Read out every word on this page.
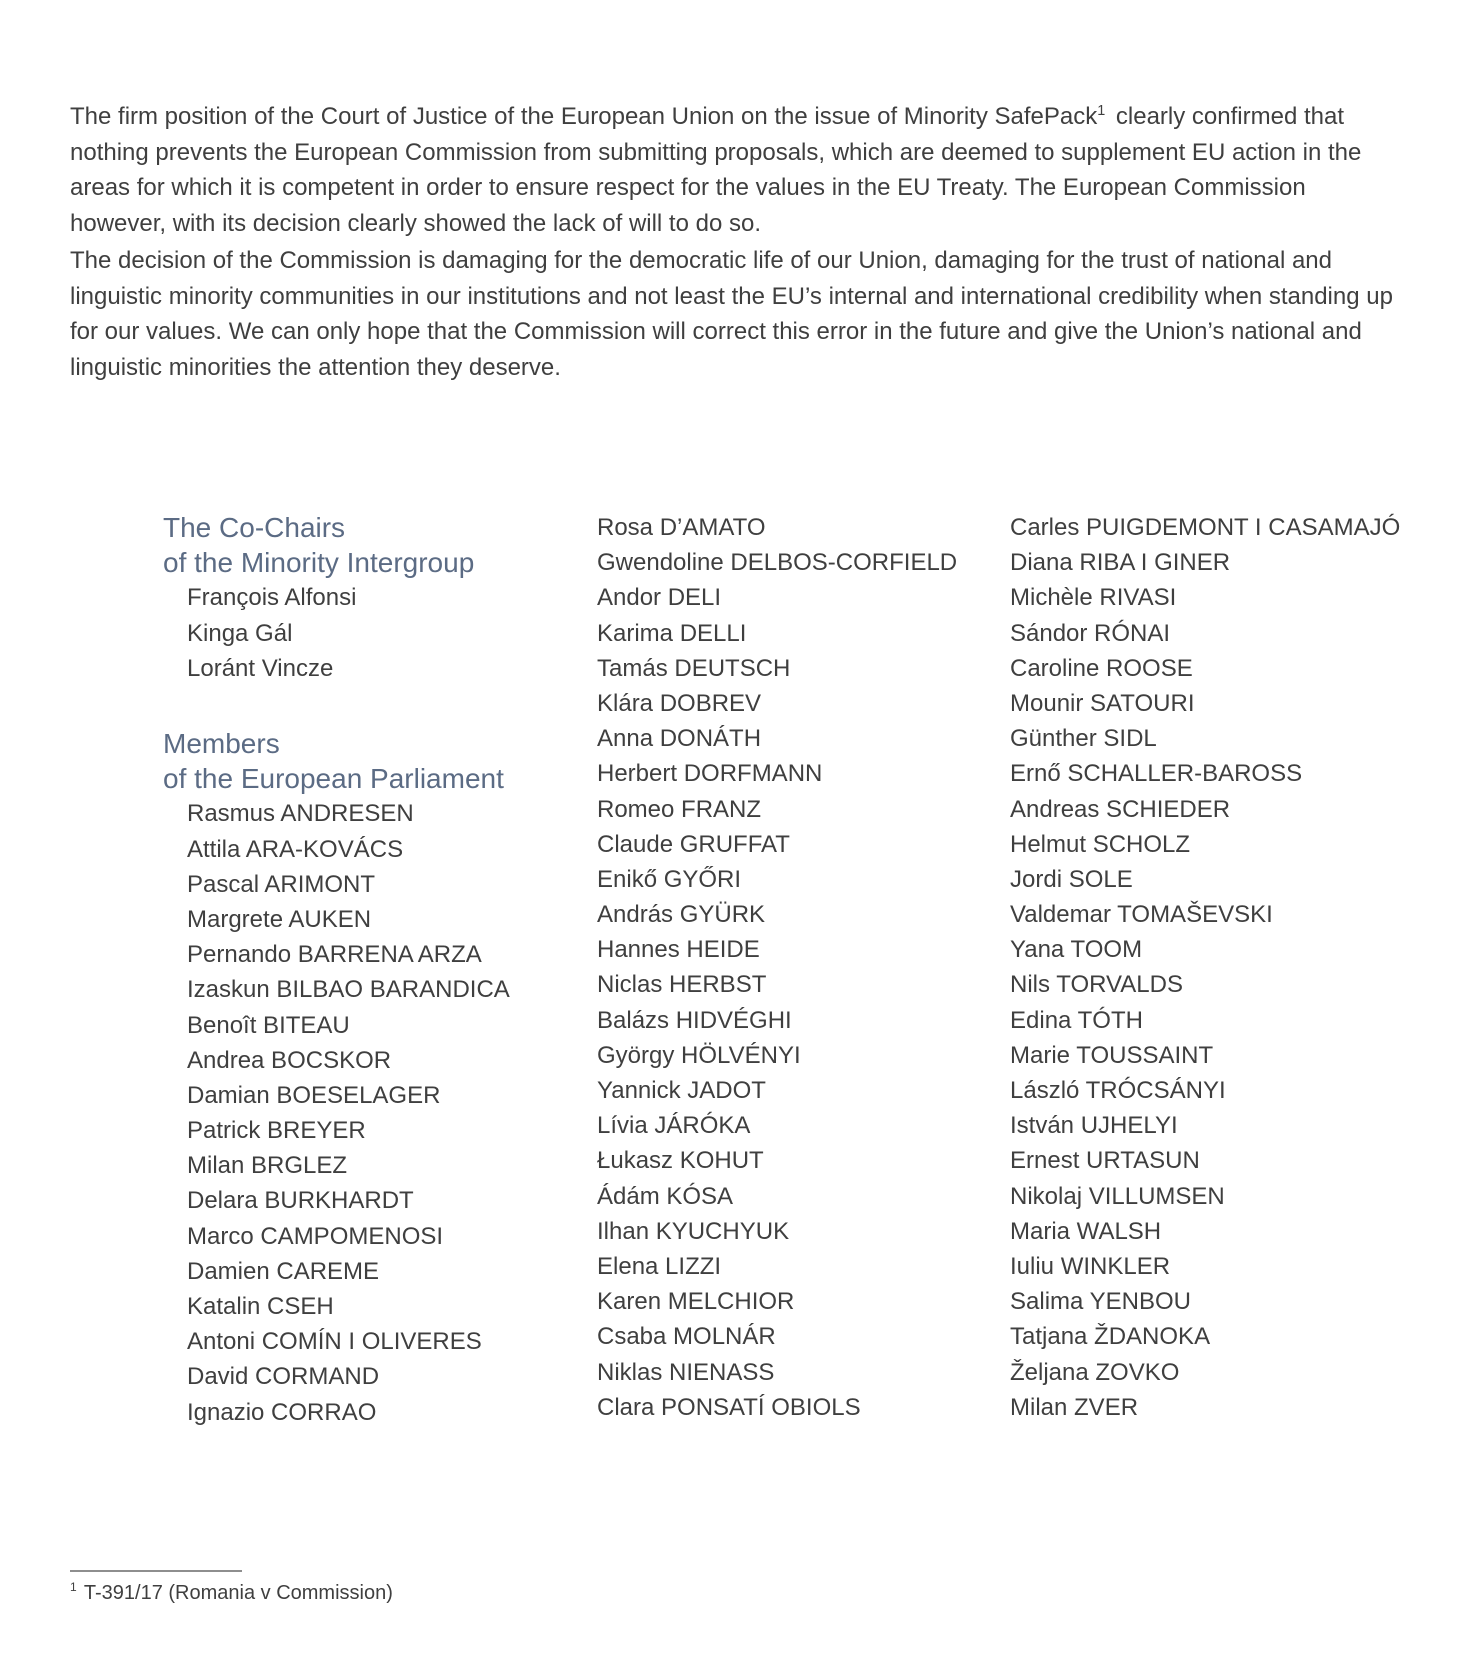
The firm position of the Court of Justice of the European Union on the issue of Minority SafePack$^1$ clearly confirmed that nothing prevents the European Commission from submitting proposals, which are deemed to supplement EU action in the areas for which it is competent in order to ensure respect for the values in the EU Treaty. The European Commission however, with its decision clearly showed the lack of will to do so.

The decision of the Commission is damaging for the democratic life of our Union, damaging for the trust of national and linguistic minority communities in our institutions and not least the EU’s internal and international credibility when standing up for our values. We can only hope that the Commission will correct this error in the future and give the Union’s national and linguistic minorities the attention they deserve.

The Co-Chairs
of the Minority Intergroup
François Alfonsi
Kinga Gál
Loránt Vincze
Members
of the European Parliament
Rasmus ANDRESEN
Attila ARA-KOVÁCS
Pascal ARIMONT
Margrete AUKEN
Pernando BARRENA ARZA
Izaskun BILBAO BARANDICA
Benoît BITEAU
Andrea BOCSKOR
Damian BOESELAGER
Patrick BREYER
Milan BRGLEZ
Delara BURKHARDT
Marco CAMPOMENOSI
Damien CAREME
Katalin CSEH
Antoni COMÍN I OLIVERES
David CORMAND
Ignazio CORRAO
Rosa D’AMATO
Gwendoline DELBOS-CORFIELD
Andor DELI
Karima DELLI
Tamás DEUTSCH
Klára DOBREV
Anna DONÁTH
Herbert DORFMANN
Romeo FRANZ
Claude GRUFFAT
Enikő GYŐRI
András GYÜRK
Hannes HEIDE
Niclas HERBST
Balázs HIDVÉGHI
György HÖLVÉNYI
Yannick JADOT
Lívia JÁRÓKA
Łukasz KOHUT
Ádám KÓSA
Ilhan KYUCHYUK
Elena LIZZI
Karen MELCHIOR
Csaba MOLNÁR
Niklas NIENASS
Clara PONSATÍ OBIOLS
Carles PUIGDEMONT I CASAMAJÓ
Diana RIBA I GINER
Michèle RIVASI
Sándor RÓNAI
Caroline ROOSE
Mounir SATOURI
Günther SIDL
Ernő SCHALLER-BAROSS
Andreas SCHIEDER
Helmut SCHOLZ
Jordi SOLE
Valdemar TOMAŠEVSKI
Yana TOOM
Nils TORVALDS
Edina TÓTH
Marie TOUSSAINT
László TRÓCSÁNYI
István UJHELYI
Ernest URTASUN
Nikolaj VILLUMSEN
Maria WALSH
Iuliu WINKLER
Salima YENBOU
Tatjana ŽDANOKA
Željana ZOVKO
Milan ZVER
$^1$ T-391/17 (Romania v Commission)
